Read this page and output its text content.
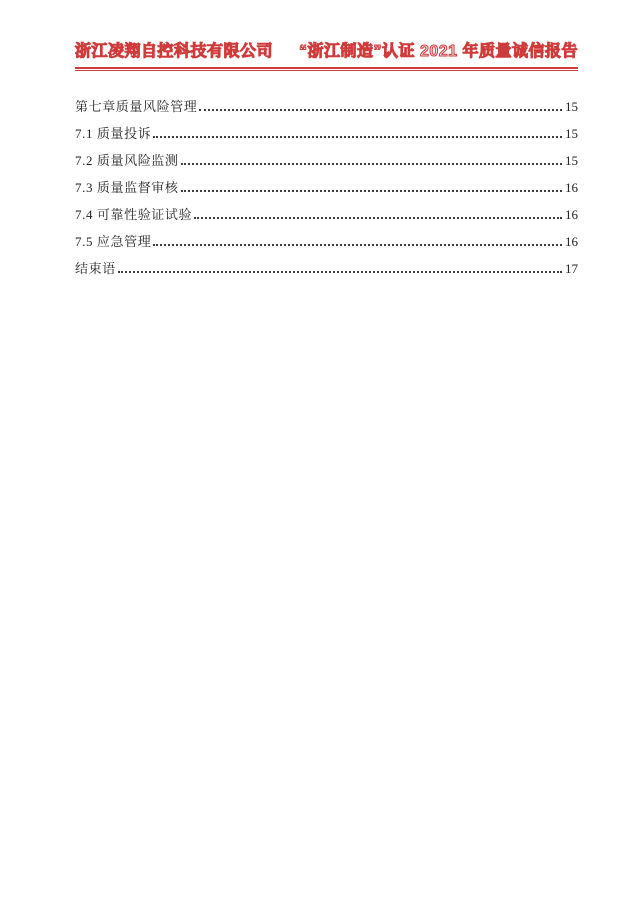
浙江凌翔自控科技有限公司 “浙江制造”认证 2021 年质量诚信报告
第七章质量风险管理	15
7.1 质量投诉	15
7.2 质量风险监测	15
7.3 质量监督审核	16
7.4 可靠性验证试验	16
7.5 应急管理	16
结束语	17
